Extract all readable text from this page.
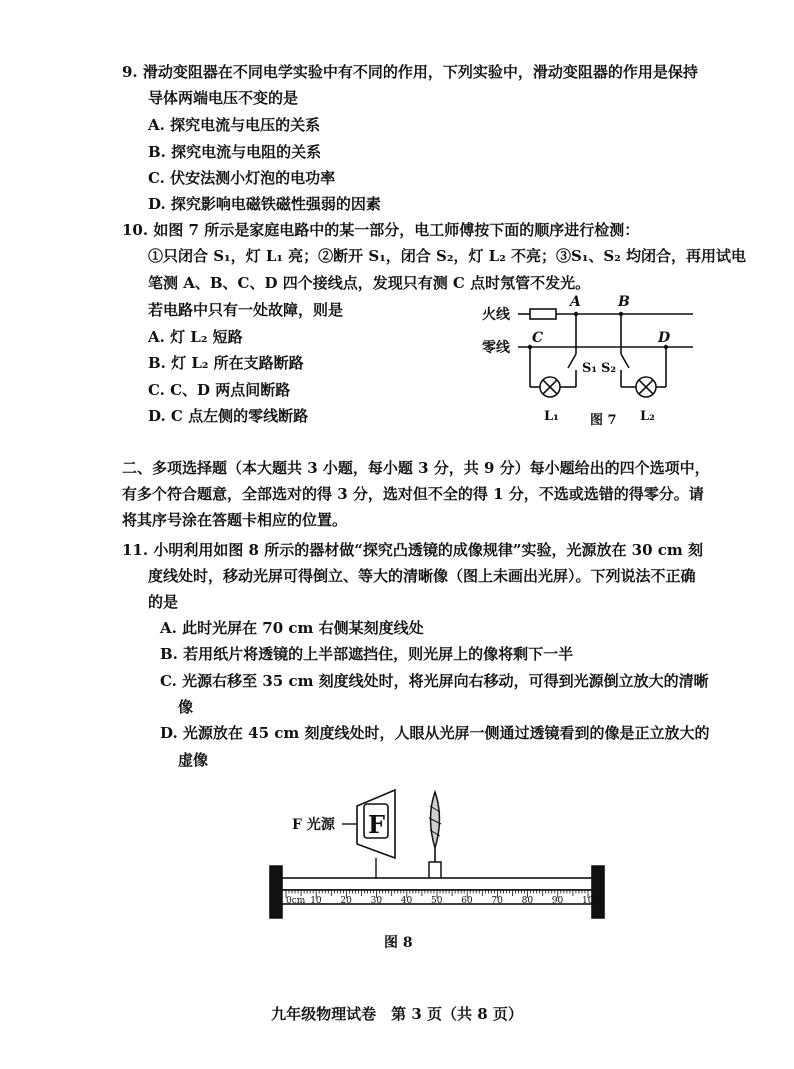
9. 滑动变阻器在不同电学实验中有不同的作用，下列实验中，滑动变阻器的作用是保持
导体两端电压不变的是
A. 探究电流与电压的关系
B. 探究电流与电阻的关系
C. 伏安法测小灯泡的电功率
D. 探究影响电磁铁磁性强弱的因素
10. 如图 7 所示是家庭电路中的某一部分，电工师傅按下面的顺序进行检测：
①只闭合 S₁，灯 L₁ 亮；②断开 S₁，闭合 S₂，灯 L₂ 不亮；③S₁、S₂ 均闭合，再用试电
笔测 A、B、C、D 四个接线点，发现只有测 C 点时氖管不发光。
若电路中只有一处故障，则是
A. 灯 L₂ 短路
B. 灯 L₂ 所在支路断路
C. C、D 两点间断路
D. C 点左侧的零线断路
火线
零线
A	B
C	D
S₁ S₂
L₁	L₂
图 7
二、多项选择题（本大题共 3 小题，每小题 3 分，共 9 分）每小题给出的四个选项中，
有多个符合题意，全部选对的得 3 分，选对但不全的得 1 分，不选或选错的得零分。请
将其序号涂在答题卡相应的位置。
11. 小明利用如图 8 所示的器材做“探究凸透镜的成像规律”实验，光源放在 30 cm 刻
度线处时，移动光屏可得倒立、等大的清晰像（图上未画出光屏）。下列说法不正确
的是
A. 此时光屏在 70 cm 右侧某刻度线处
B. 若用纸片将透镜的上半部遮挡住，则光屏上的像将剩下一半
C. 光源右移至 35 cm 刻度线处时，将光屏向右移动，可得到光源倒立放大的清晰
像
D. 光源放在 45 cm 刻度线处时，人眼从光屏一侧通过透镜看到的像是正立放大的
虚像
F
F 光源
0cm 10 20 30 40 50 60 70 80 90 100
图 8
九年级物理试卷　第 3 页（共 8 页）
